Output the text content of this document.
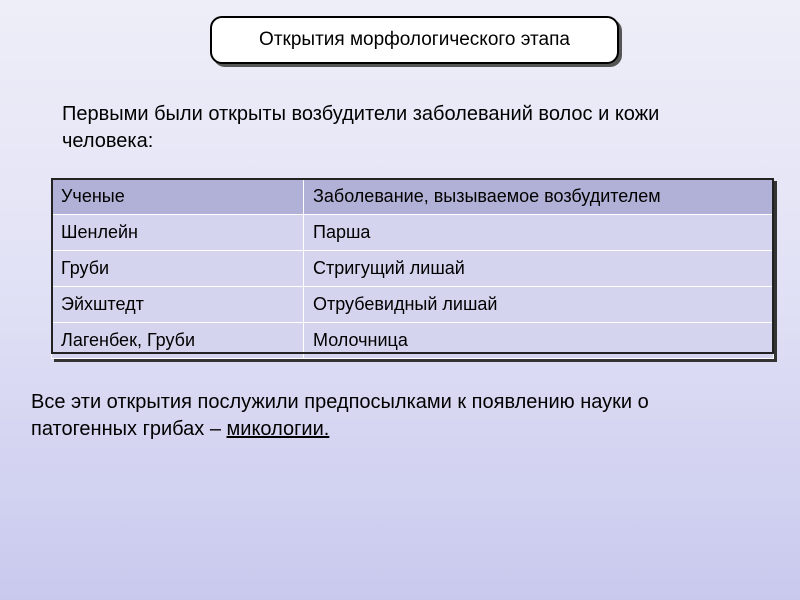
Открытия морфологического этапа
Первыми были открыты возбудители заболеваний волос и кожи
человека:
Ученые	Заболевание, вызываемое возбудителем
Шенлейн	Парша
Груби	Стригущий лишай
Эйхштедт	Отрубевидный лишай
Лагенбек, Груби	Молочница
Все эти открытия послужили предпосылками к появлению науки о
патогенных грибах – микологии.
